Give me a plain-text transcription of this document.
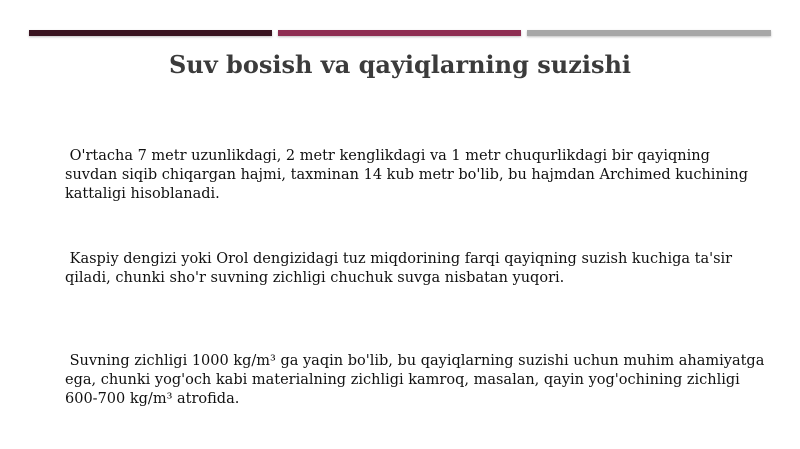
Suv bosish va qayiqlarning suzishi

O'rtacha 7 metr uzunlikdagi, 2 metr kenglikdagi va 1 metr chuqurlikdagi bir qayiqning suvdan siqib chiqargan hajmi, taxminan 14 kub metr bo'lib, bu hajmdan Archimed kuchining kattaligi hisoblanadi.

Kaspiy dengizi yoki Orol dengizidagi tuz miqdorining farqi qayiqning suzish kuchiga ta'sir qiladi, chunki sho'r suvning zichligi chuchuk suvga nisbatan yuqori.

Suvning zichligi 1000 kg/m³ ga yaqin bo'lib, bu qayiqlarning suzishi uchun muhim ahamiyatga ega, chunki yog'och kabi materialning zichligi kamroq, masalan, qayin yog'ochining zichligi 600-700 kg/m³ atrofida.
